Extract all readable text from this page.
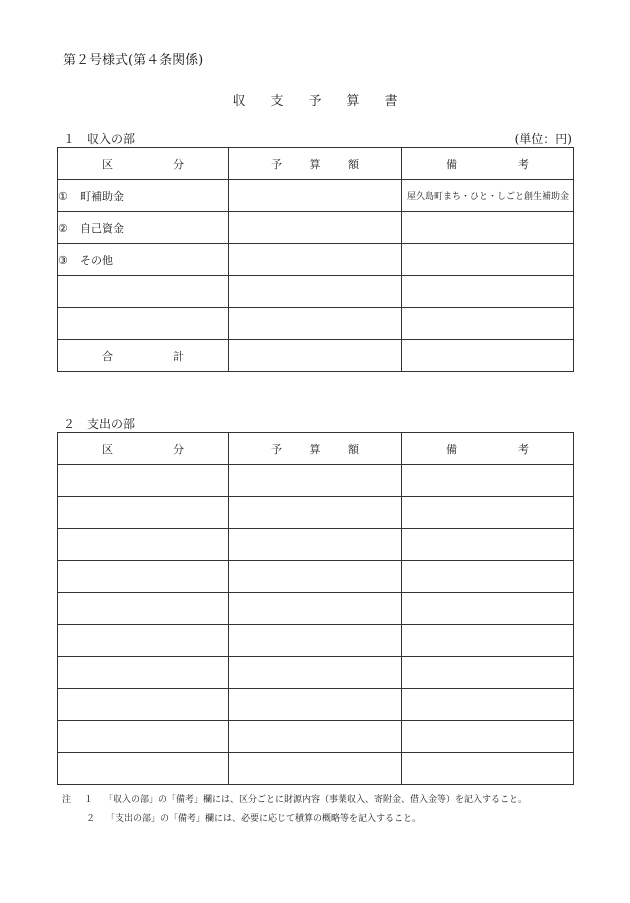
第２号様式(第４条関係)
収支予算書
１　収入の部	(単位：円)
区 分	予 算 額	備 考

① 町補助金		屋久島町まち・ひと・しごと創生補助金
② 自己資金		
③ その他		

合 計		

２　支出の部
区 分	予 算 額	備 考

注 １ 「収入の部」の「備考」欄には、区分ごとに財源内容（事業収入、寄附金、借入金等）を記入すること。
２ 「支出の部」の「備考」欄には、必要に応じて積算の概略等を記入すること。
